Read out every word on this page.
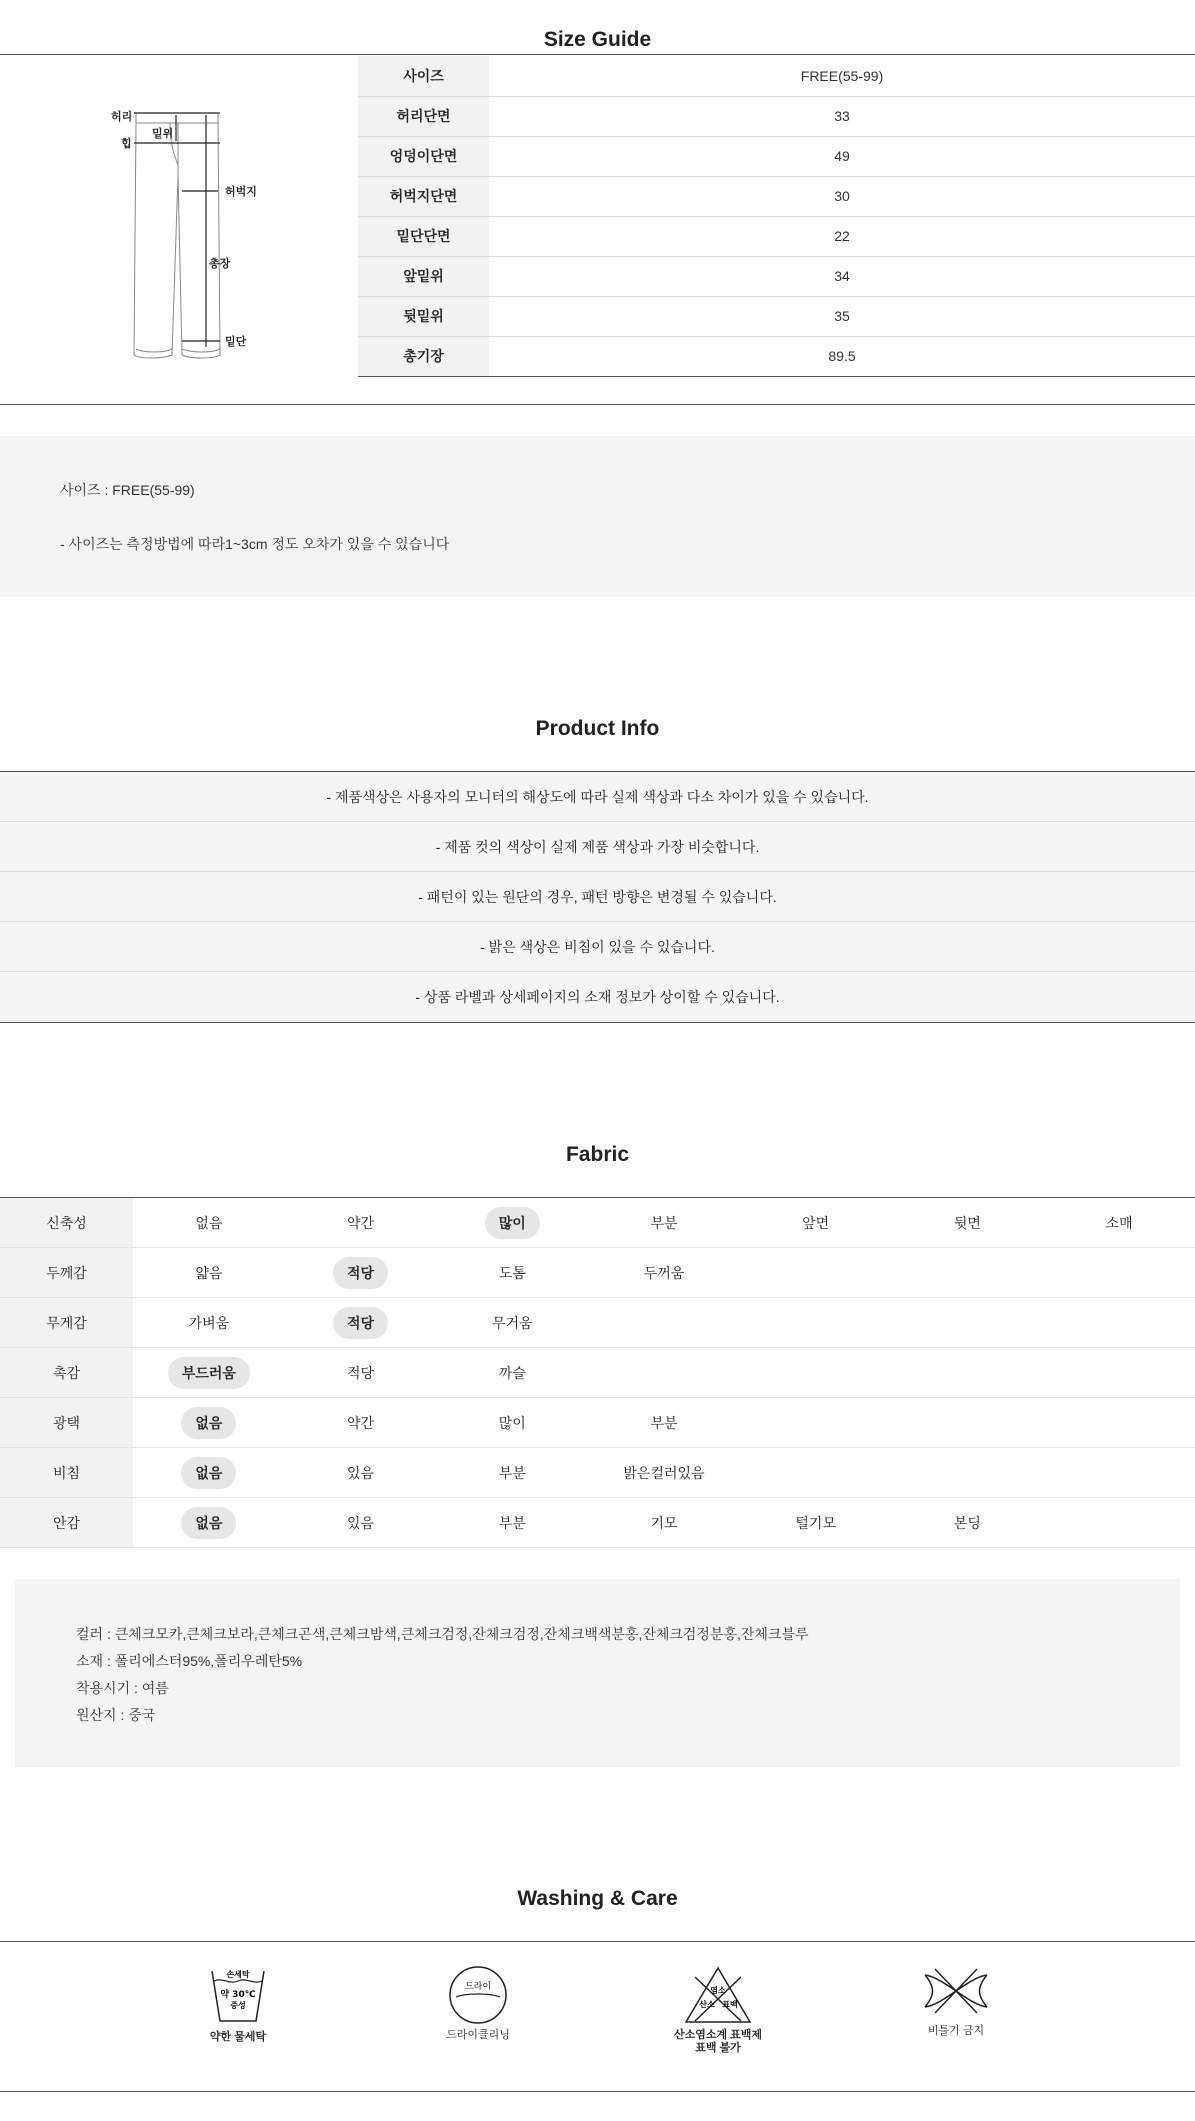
Size Guide
허리
힙
밑위
허벅지
총장
밑단
사이즈	FREE(55-99)
허리단면	33
엉덩이단면	49
허벅지단면	30
밑단단면	22
앞밑위	34
뒷밑위	35
총기장	89.5
사이즈 : FREE(55-99)
- 사이즈는 측정방법에 따라1~3cm 정도 오차가 있을 수 있습니다
Product Info
- 제품색상은 사용자의 모니터의 해상도에 따라 실제 색상과 다소 차이가 있을 수 있습니다.
- 제품 컷의 색상이 실제 제품 색상과 가장 비슷합니다.
- 패턴이 있는 원단의 경우, 패턴 방향은 변경될 수 있습니다.
- 밝은 색상은 비침이 있을 수 있습니다.
- 상품 라벨과 상세페이지의 소재 정보가 상이할 수 있습니다.
Fabric
신축성	없음	약간	많이	부분	앞면	뒷면	소매
두께감	얇음	적당	도톰	두꺼움			
무게감	가벼움	적당	무거움				
촉감	부드러움	적당	까슬				
광택	없음	약간	많이	부분			
비침	없음	있음	부분	밝은컬러있음			
안감	없음	있음	부분	기모	털기모	본딩	
컬러 : 큰체크모카,큰체크보라,큰체크곤색,큰체크밤색,큰체크검정,잔체크검정,잔체크백색분홍,잔체크검정분홍,잔체크블루
소재 : 폴리에스터95%,폴리우레탄5%
착용시기 : 여름
원산지 : 중국
Washing & Care
손세탁
약 30℃
중성
약한 물세탁
드라이
드라이클리닝
염소
산소 표백
산소염소계 표백제
표백 불가
비틀기 금지
